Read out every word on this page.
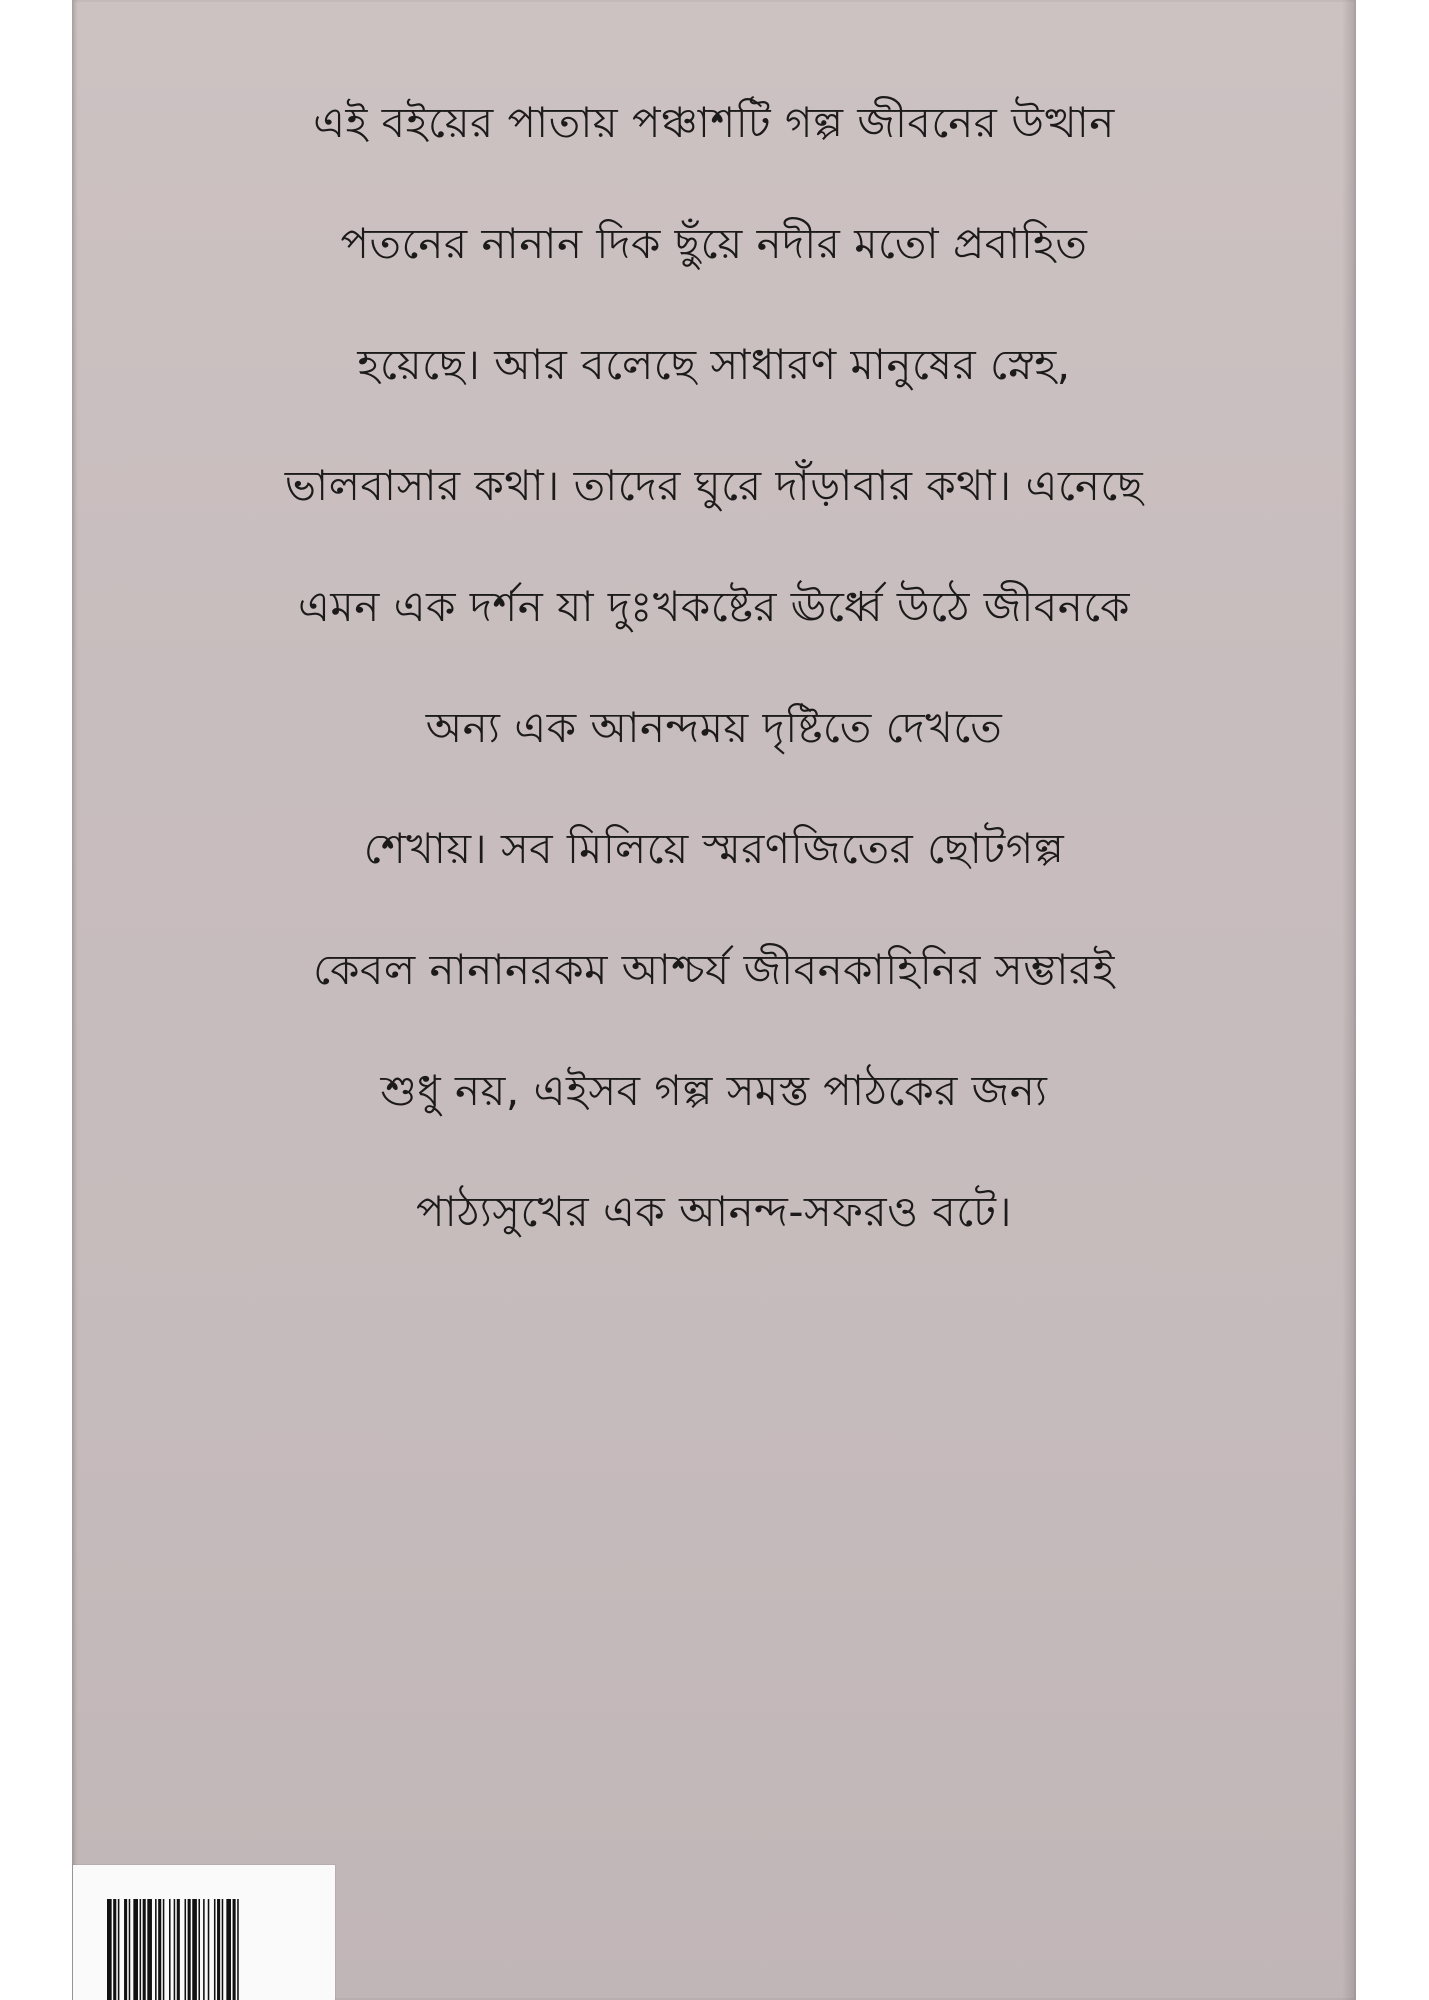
এই বইয়ের পাতায় পঞ্চাশটি গল্প জীবনের উত্থান
পতনের নানান দিক ছুঁয়ে নদীর মতো প্রবাহিত
হয়েছে। আর বলেছে সাধারণ মানুষের স্নেহ,
ভালবাসার কথা। তাদের ঘুরে দাঁড়াবার কথা। এনেছে
এমন এক দর্শন যা দুঃখকষ্টের ঊর্ধ্বে উঠে জীবনকে
অন্য এক আনন্দময় দৃষ্টিতে দেখতে
শেখায়। সব মিলিয়ে স্মরণজিতের ছোটগল্প
কেবল নানানরকম আশ্চর্য জীবনকাহিনির সম্ভারই
শুধু নয়, এইসব গল্প সমস্ত পাঠকের জন্য
পাঠ্যসুখের এক আনন্দ-সফরও বটে।
